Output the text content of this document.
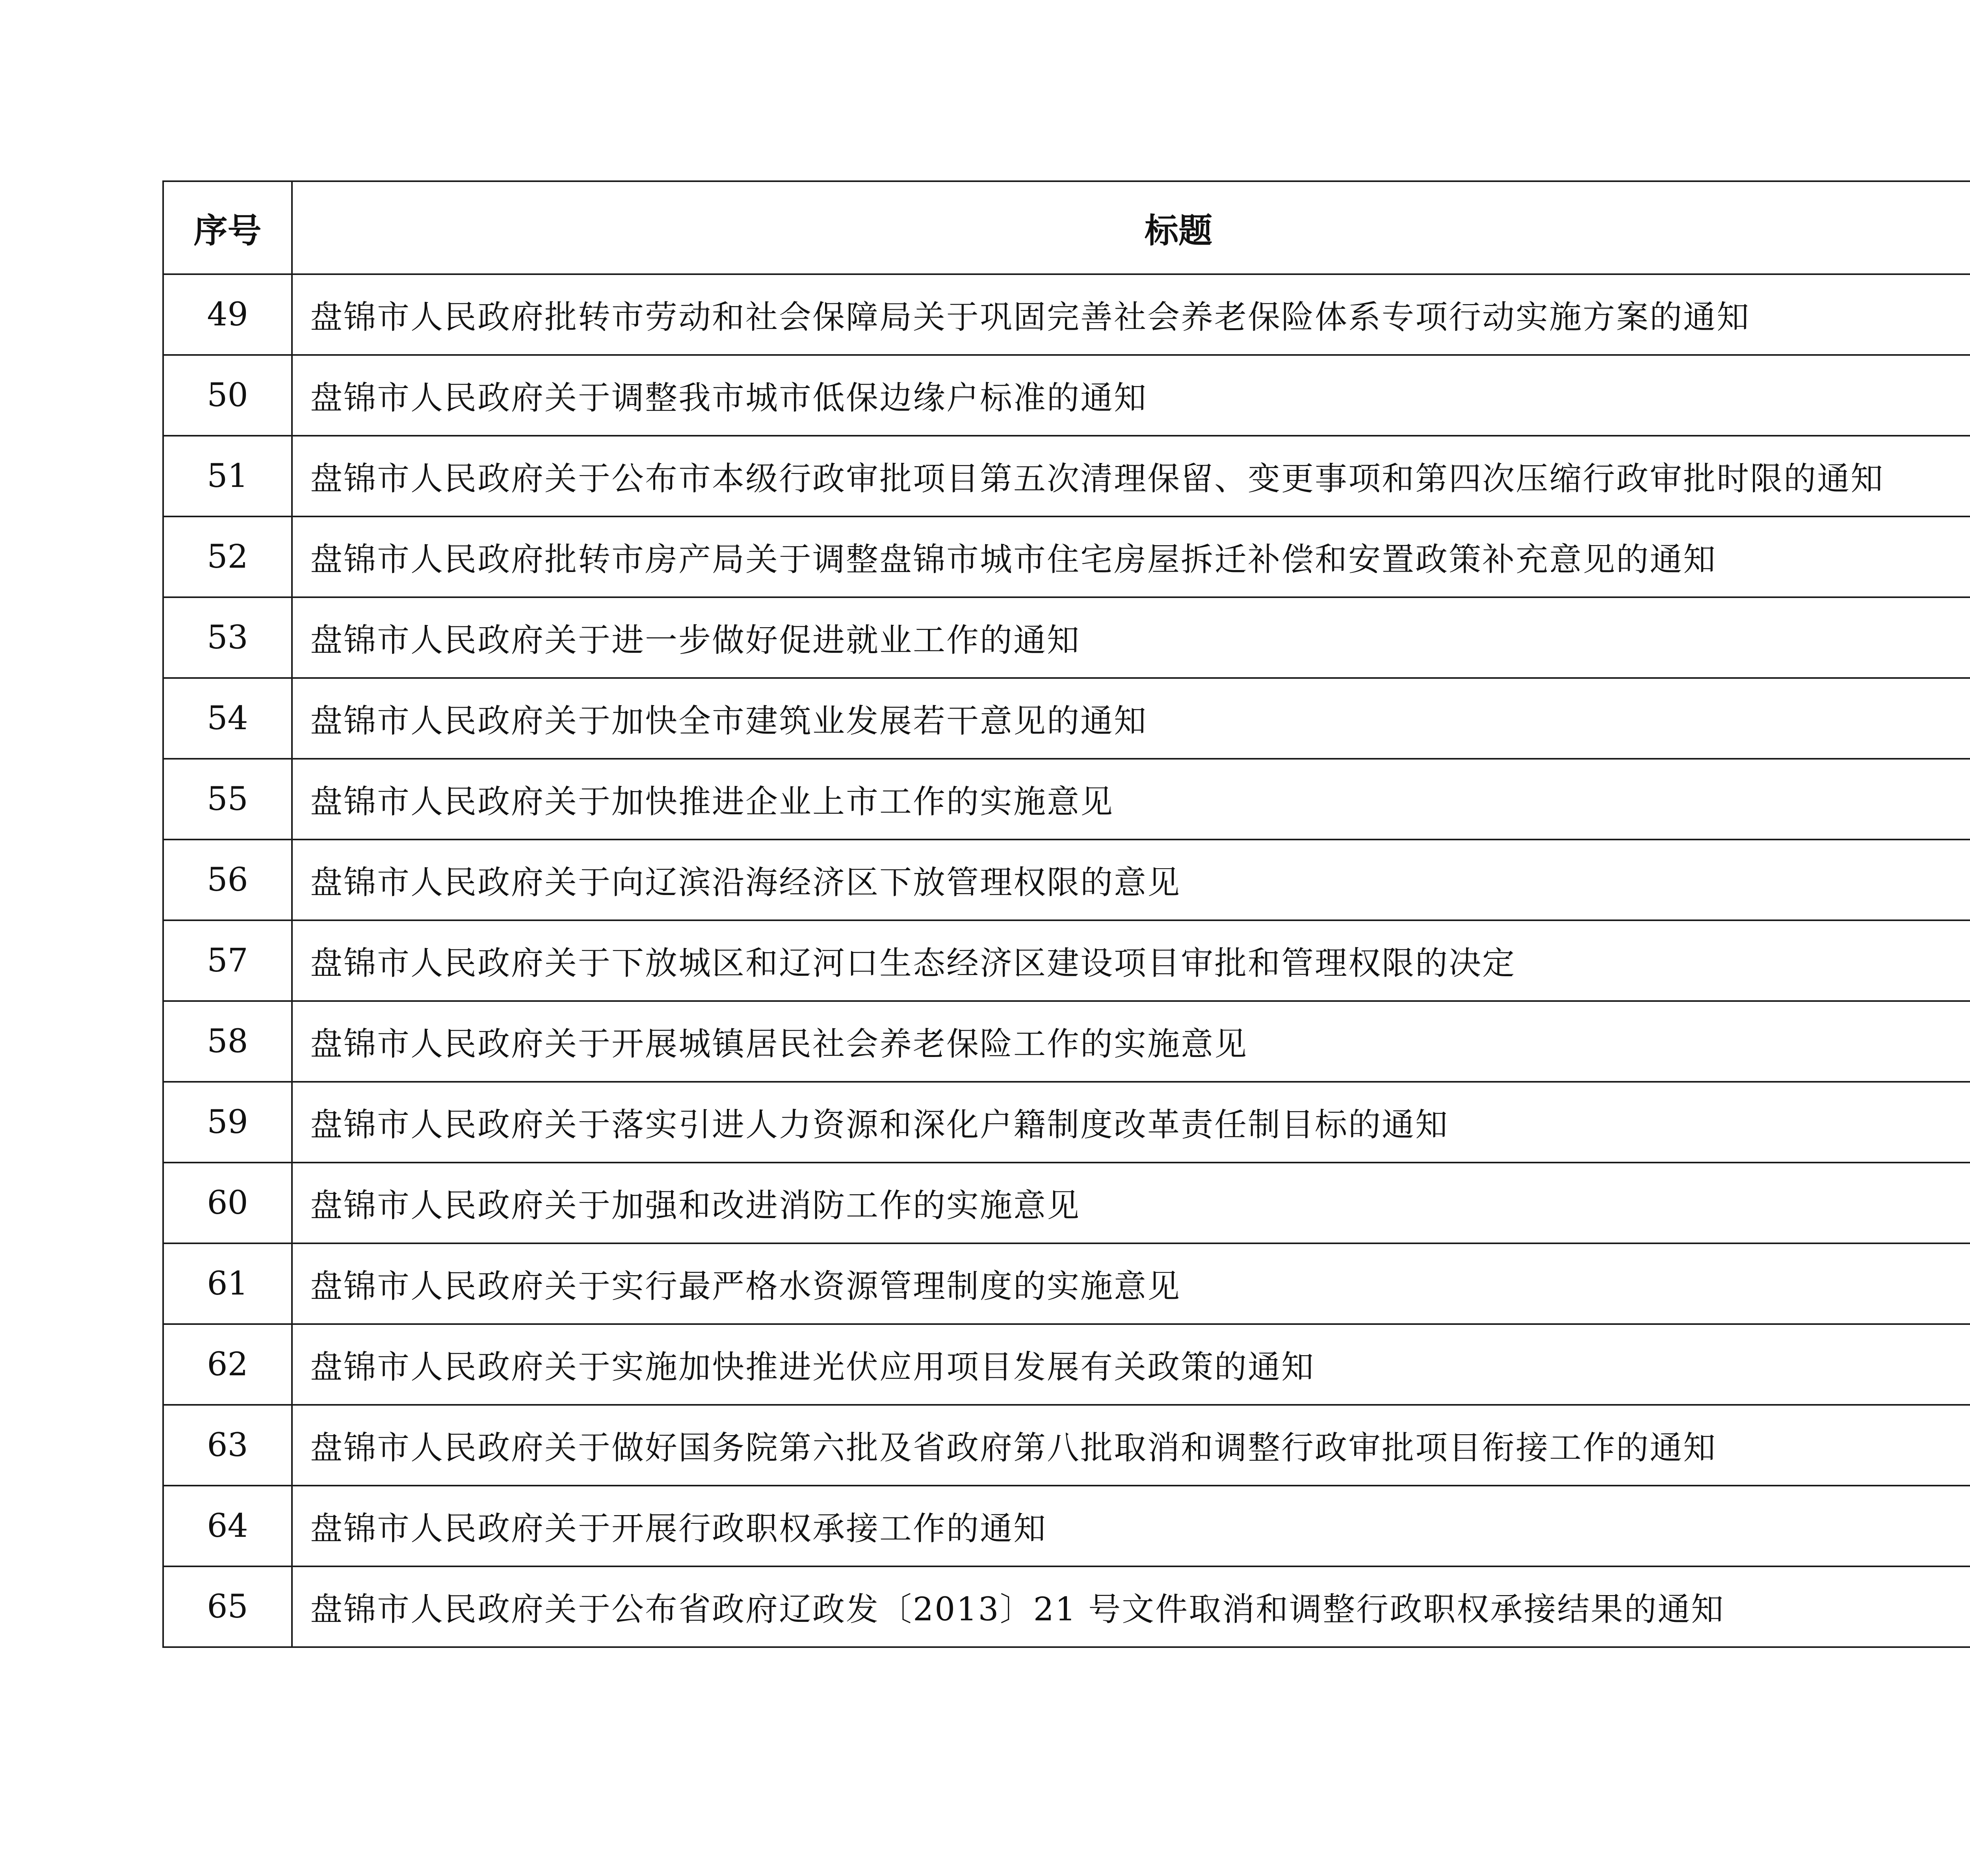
序号	标题	
49	盘锦市人民政府批转市劳动和社会保障局关于巩固完善社会养老保险体系专项行动实施方案的通知	
50	盘锦市人民政府关于调整我市城市低保边缘户标准的通知	
51	盘锦市人民政府关于公布市本级行政审批项目第五次清理保留、变更事项和第四次压缩行政审批时限的通知	
52	盘锦市人民政府批转市房产局关于调整盘锦市城市住宅房屋拆迁补偿和安置政策补充意见的通知	
53	盘锦市人民政府关于进一步做好促进就业工作的通知	
54	盘锦市人民政府关于加快全市建筑业发展若干意见的通知	
55	盘锦市人民政府关于加快推进企业上市工作的实施意见	
56	盘锦市人民政府关于向辽滨沿海经济区下放管理权限的意见	
57	盘锦市人民政府关于下放城区和辽河口生态经济区建设项目审批和管理权限的决定	
58	盘锦市人民政府关于开展城镇居民社会养老保险工作的实施意见	
59	盘锦市人民政府关于落实引进人力资源和深化户籍制度改革责任制目标的通知	
60	盘锦市人民政府关于加强和改进消防工作的实施意见	
61	盘锦市人民政府关于实行最严格水资源管理制度的实施意见	
62	盘锦市人民政府关于实施加快推进光伏应用项目发展有关政策的通知	
63	盘锦市人民政府关于做好国务院第六批及省政府第八批取消和调整行政审批项目衔接工作的通知	
64	盘锦市人民政府关于开展行政职权承接工作的通知	
65	盘锦市人民政府关于公布省政府辽政发〔2013〕21 号文件取消和调整行政职权承接结果的通知	
